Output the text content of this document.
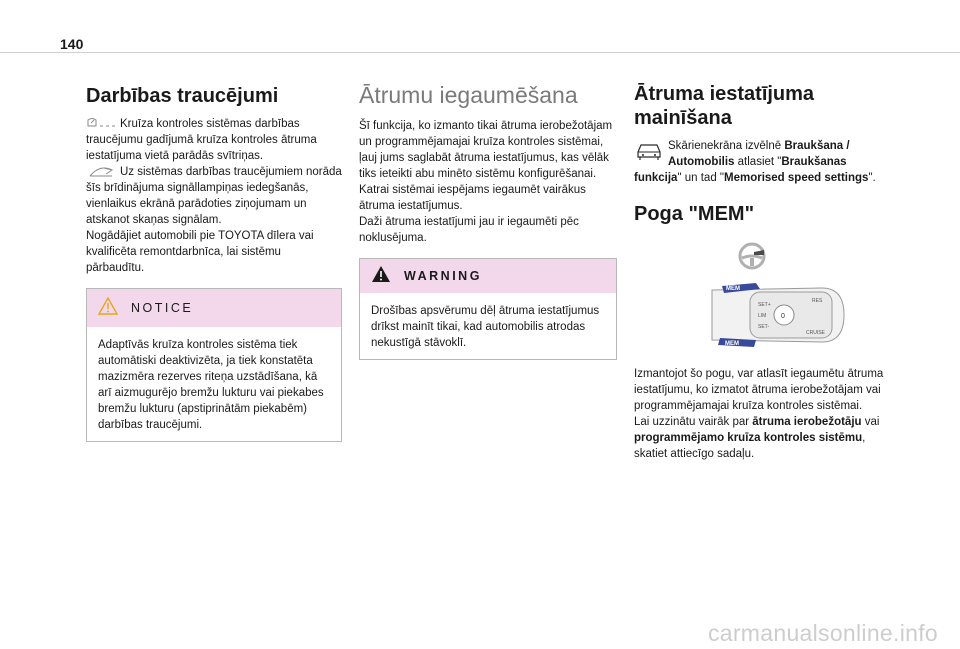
140
Darbības traucējumi

Kruīza kontroles sistēmas darbības traucējumu gadījumā kruīza kontroles ātruma iestatījuma vietā parādās svītriņas.

Uz sistēmas darbības traucējumiem norāda šīs brīdinājuma signāllampiņas iedegšanās, vienlaikus ekrānā parādoties ziņojumam un atskanot skaņas signālam.

Nogādājiet automobili pie TOYOTA dīlera vai kvalificēta remontdarbnīca, lai sistēmu pārbaudītu.

NOTICE

Adaptīvās kruīza kontroles sistēma tiek automātiski deaktivizēta, ja tiek konstatēta mazizmēra rezerves riteņa uzstādīšana, kā arī aizmugurējo bremžu lukturu vai piekabes bremžu lukturu (apstiprinātām piekabēm) darbības traucējumi.

Ātrumu iegaumēšana

Šī funkcija, ko izmanto tikai ātruma ierobežotājam un programmējamajai kruīza kontroles sistēmai, ļauj jums saglabāt ātruma iestatījumus, kas vēlāk tiks ieteikti abu minēto sistēmu konfigurēšanai.

Katrai sistēmai iespējams iegaumēt vairākus ātruma iestatījumus.

Daži ātruma iestatījumi jau ir iegaumēti pēc noklusējuma.

WARNING

Drošības apsvērumu dēļ ātruma iestatījumus drīkst mainīt tikai, kad automobilis atrodas nekustīgā stāvoklī.

Ātruma iestatījuma mainīšana

Skārienekrāna izvēlnē Braukšana / Automobilis atlasiet "Braukšanas funkcija" un tad "Memorised speed settings".

Poga "MEM"
MEM
MEM
SET+
SET-
RES
0
CRUISE
LIM

Izmantojot šo pogu, var atlasīt iegaumētu ātruma iestatījumu, ko izmatot ātruma ierobežotājam vai programmējamajai kruīza kontroles sistēmai.

Lai uzzinātu vairāk par ātruma ierobežotāju vai programmējamo kruīza kontroles sistēmu, skatiet attiecīgo sadaļu.

carmanualsonline.info
